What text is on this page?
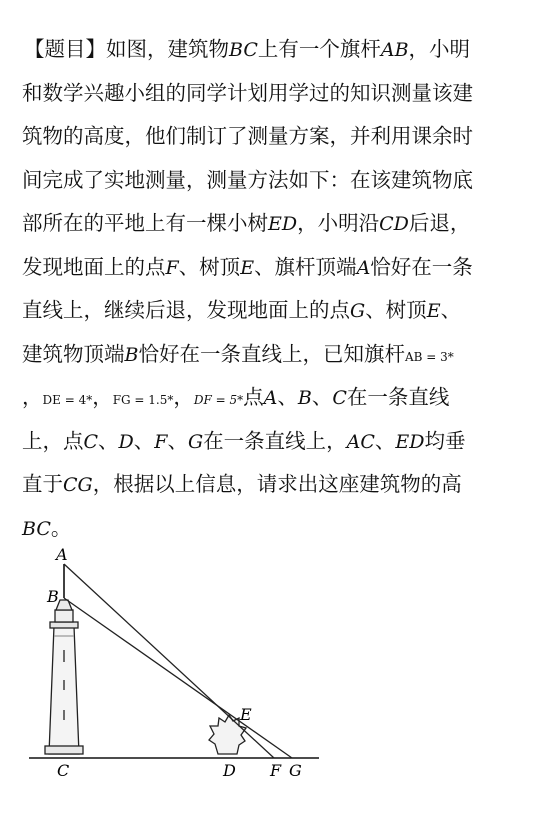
【题目】如图，建筑物BC上有一个旗杆AB，小明
和数学兴趣小组的同学计划用学过的知识测量该建
筑物的高度，他们制订了测量方案，并利用课余时
间完成了实地测量，测量方法如下：在该建筑物底
部所在的平地上有一棵小树ED，小明沿CD后退，
发现地面上的点F、树顶E、旗杆顶端A恰好在一条
直线上，继续后退，发现地面上的点G、树顶E、
建筑物顶端B恰好在一条直线上，已知旗杆AB = 3*
，DE = 4*，FG = 1.5*，DF = 5*点A、B、C在一条直线
上，点C、D、F、G在一条直线上，AC、ED均垂
直于CG，根据以上信息，请求出这座建筑物的高
BC。
A
B
C	D
E
F G
